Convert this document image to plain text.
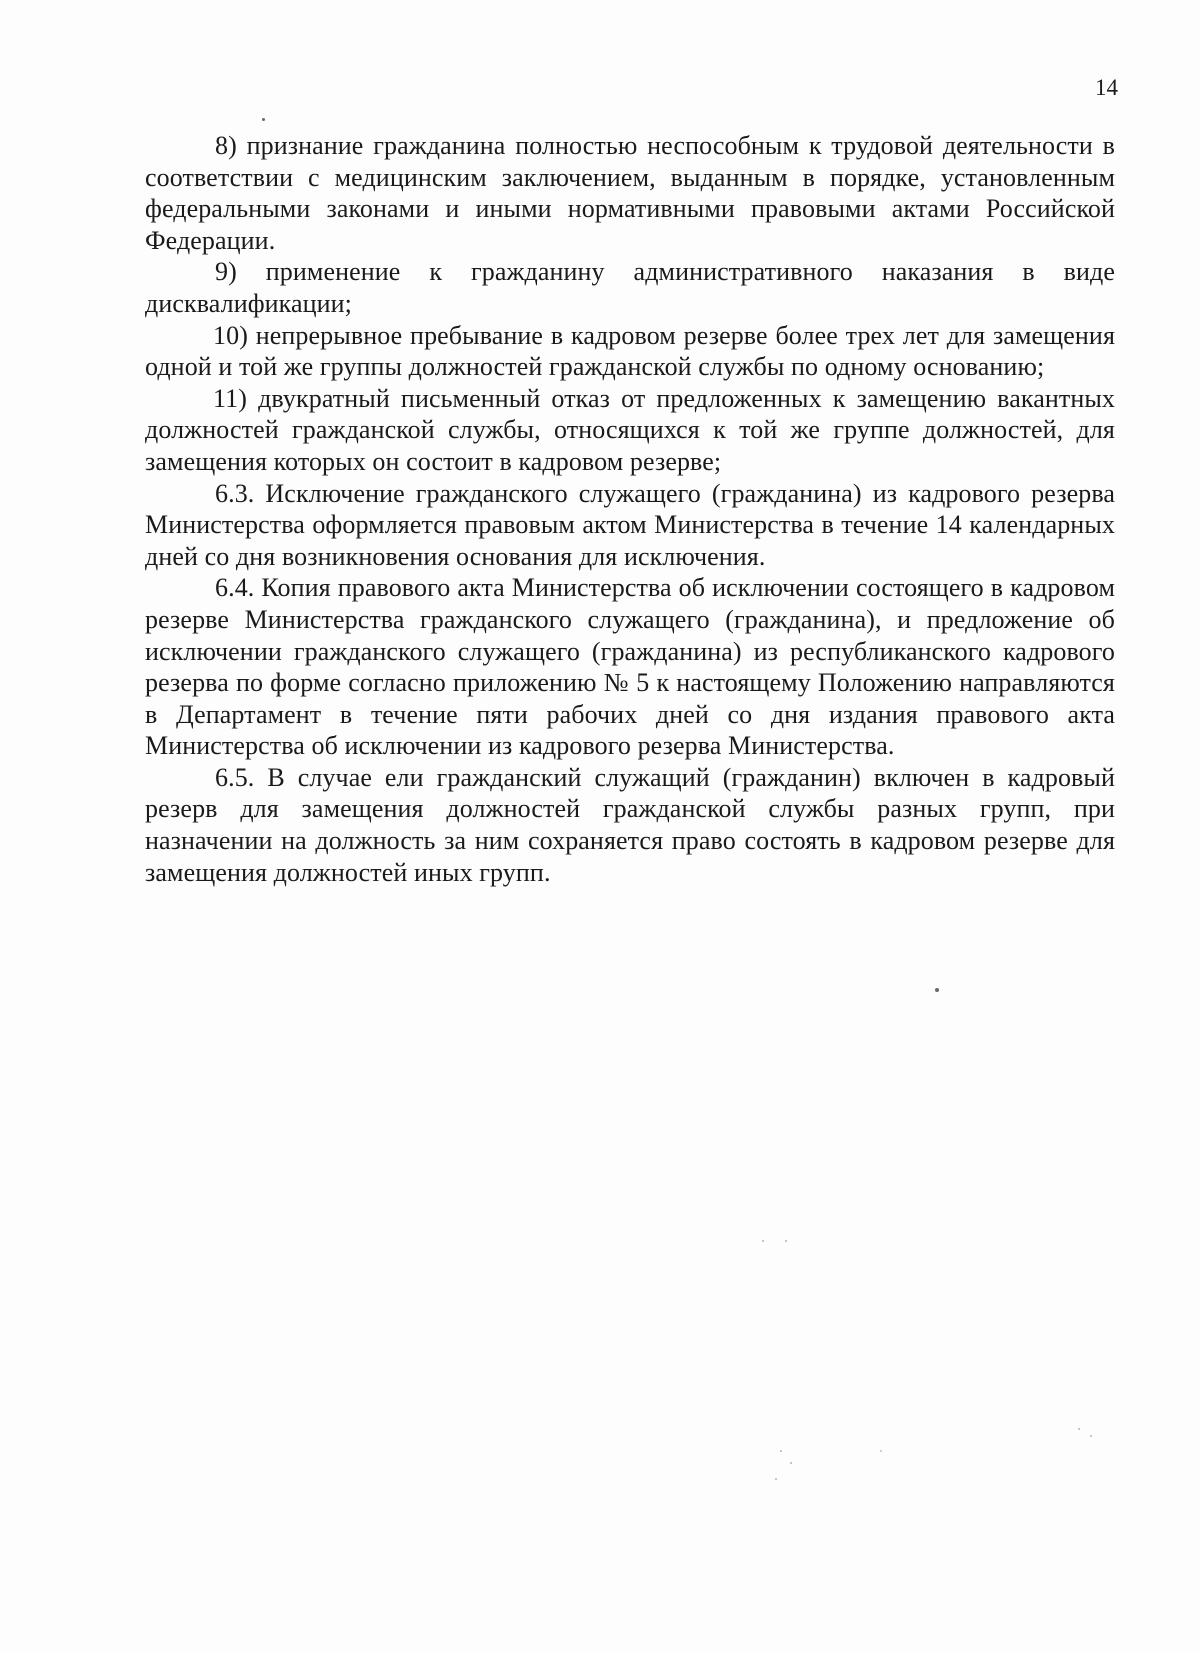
14

8) признание гражданина полностью неспособным к трудовой деятельности в соответствии с медицинским заключением, выданным в порядке, установленным федеральными законами и иными нормативными правовыми актами Российской Федерации.

9) применение к гражданину административного наказания в виде дисквалификации;

10) непрерывное пребывание в кадровом резерве более трех лет для замещения одной и той же группы должностей гражданской службы по одному основанию;

11) двукратный письменный отказ от предложенных к замещению вакантных должностей гражданской службы, относящихся к той же группе должностей, для замещения которых он состоит в кадровом резерве;

6.3. Исключение гражданского служащего (гражданина) из кадрового резерва Министерства оформляется правовым актом Министерства в течение 14 календарных дней со дня возникновения основания для исключения.

6.4. Копия правового акта Министерства об исключении состоящего в кадровом резерве Министерства гражданского служащего (гражданина), и предложение об исключении гражданского служащего (гражданина) из республиканского кадрового резерва по форме согласно приложению № 5 к настоящему Положению направляются в Департамент в течение пяти рабочих дней со дня издания правового акта Министерства об исключении из кадрового резерва Министерства.

6.5. В случае ели гражданский служащий (гражданин) включен в кадровый резерв для замещения должностей гражданской службы разных групп, при назначении на должность за ним сохраняется право состоять в кадровом резерве для замещения должностей иных групп.
